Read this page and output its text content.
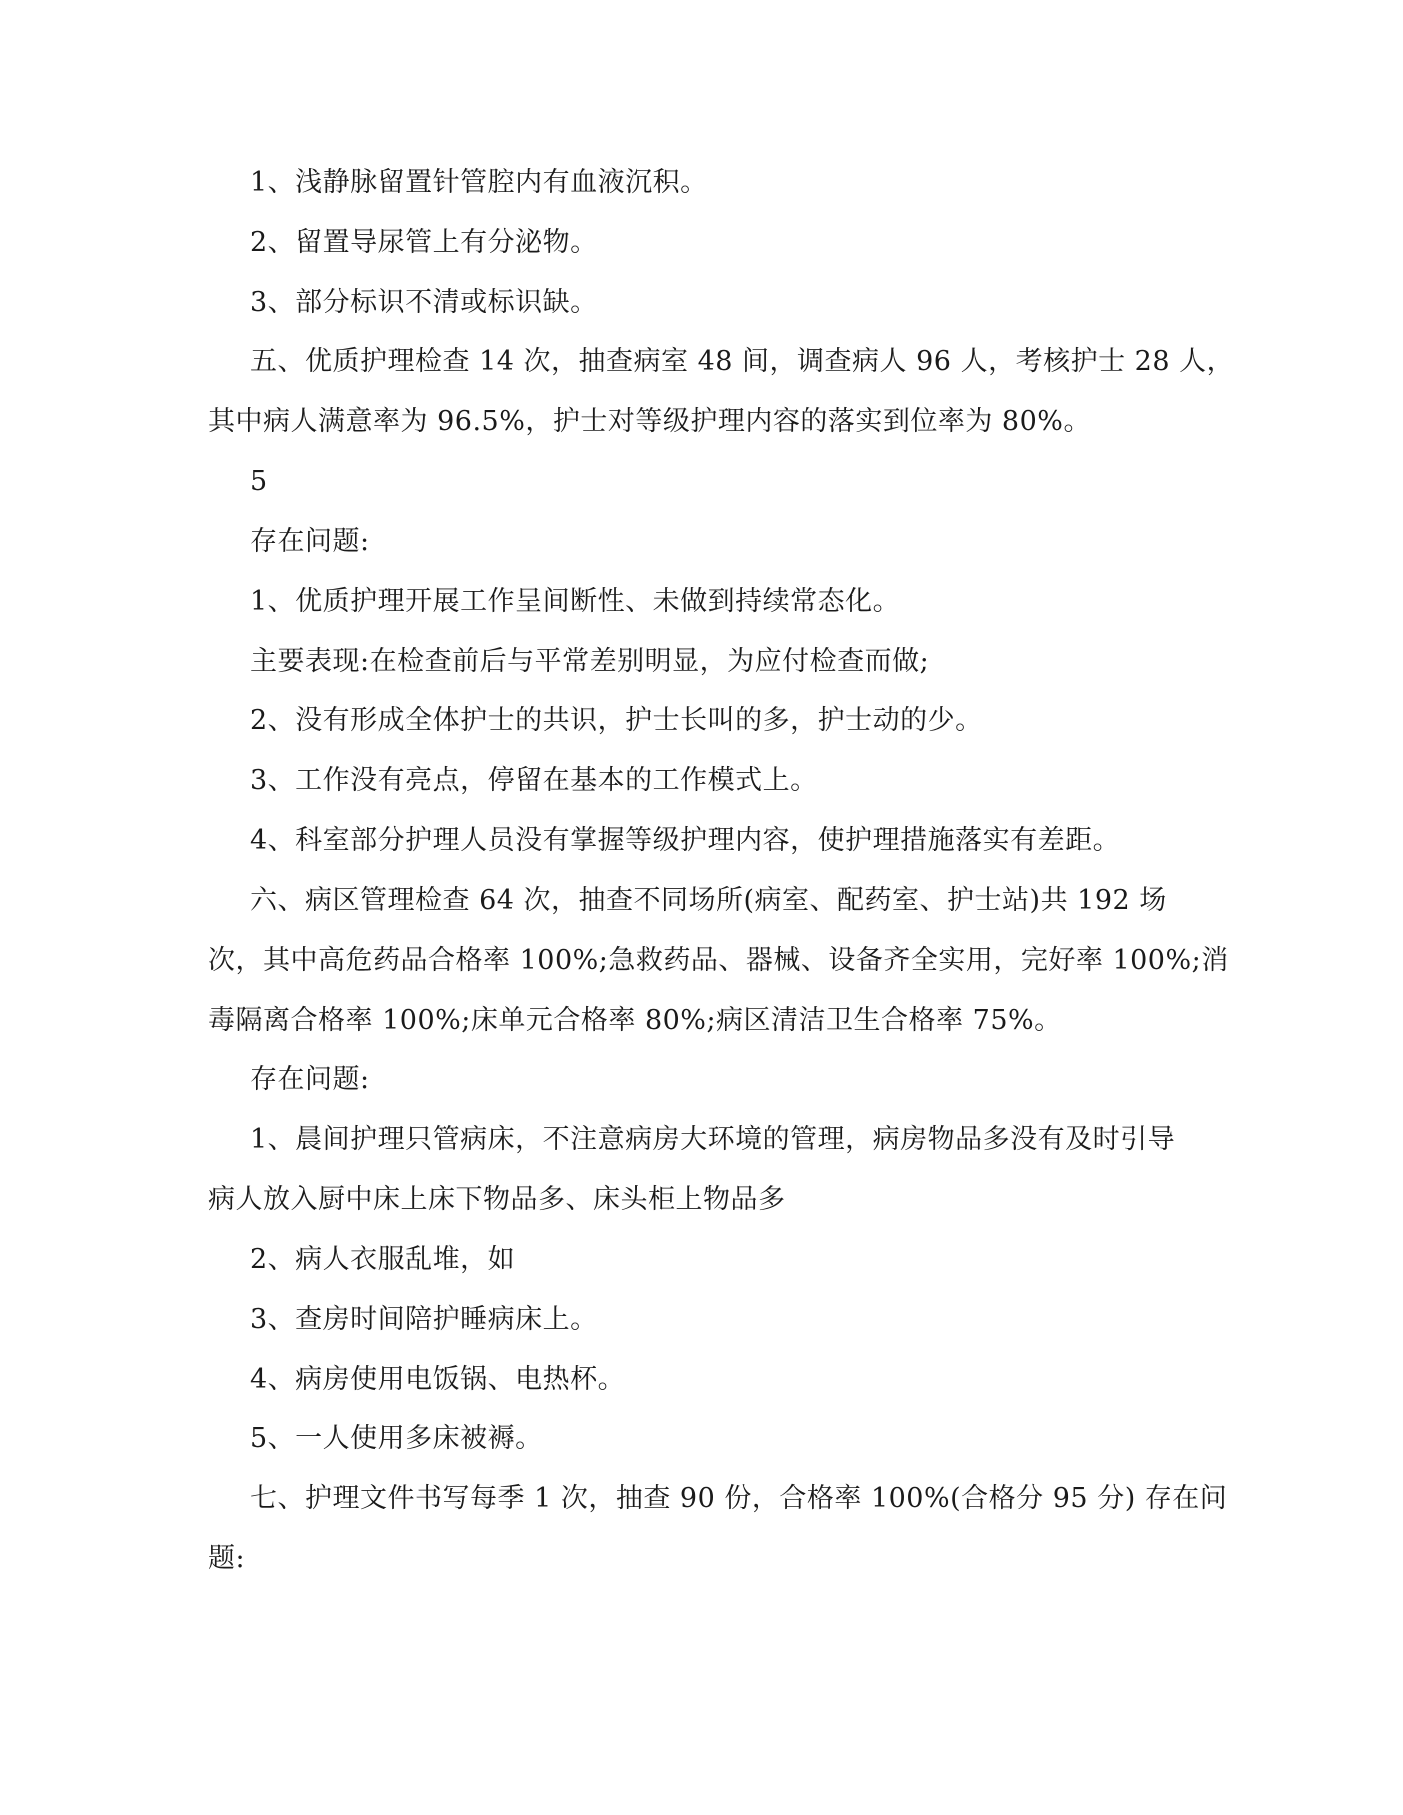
1、浅静脉留置针管腔内有血液沉积。
2、留置导尿管上有分泌物。
3、部分标识不清或标识缺。
五、优质护理检查 14 次，抽查病室 48 间，调查病人 96 人，考核护士 28 人，
其中病人满意率为 96.5%，护士对等级护理内容的落实到位率为 80%。
5
存在问题:
1、优质护理开展工作呈间断性、未做到持续常态化。
主要表现:在检查前后与平常差别明显，为应付检查而做;
2、没有形成全体护士的共识，护士长叫的多，护士动的少。
3、工作没有亮点，停留在基本的工作模式上。
4、科室部分护理人员没有掌握等级护理内容，使护理措施落实有差距。
六、病区管理检查 64 次，抽查不同场所(病室、配药室、护士站)共 192 场
次，其中高危药品合格率 100%;急救药品、器械、设备齐全实用，完好率 100%;消
毒隔离合格率 100%;床单元合格率 80%;病区清洁卫生合格率 75%。
存在问题:
1、晨间护理只管病床，不注意病房大环境的管理，病房物品多没有及时引导
病人放入厨中床上床下物品多、床头柜上物品多
2、病人衣服乱堆，如
3、查房时间陪护睡病床上。
4、病房使用电饭锅、电热杯。
5、一人使用多床被褥。
七、护理文件书写每季 1 次，抽查 90 份，合格率 100%(合格分 95 分) 存在问
题:
